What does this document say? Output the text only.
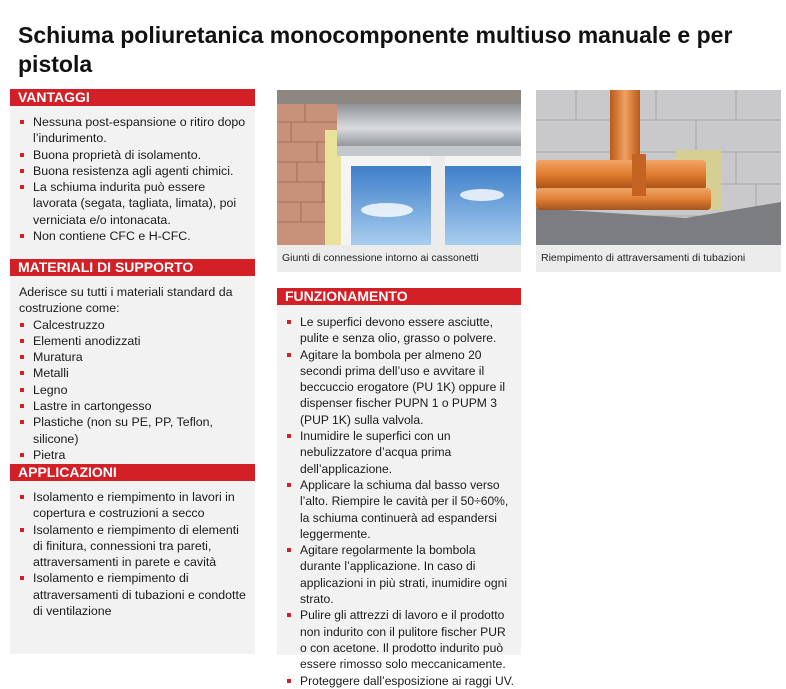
Schiuma poliuretanica monocomponente multiuso manuale e per pistola
VANTAGGI
Nessuna post-espansione o ritiro dopo l’indurimento.
Buona proprietà di isolamento.
Buona resistenza agli agenti chimici.
La schiuma indurita può essere lavorata (segata, tagliata, limata), poi verniciata e/o intonacata.
Non contiene CFC e H-CFC.
MATERIALI DI SUPPORTO
Aderisce su tutti i materiali standard da costruzione come:
Calcestruzzo
Elementi anodizzati
Muratura
Metalli
Legno
Lastre in cartongesso
Plastiche (non su PE, PP, Teflon, silicone)
Pietra
APPLICAZIONI
Isolamento e riempimento in lavori in copertura e costruzioni a secco
Isolamento e riempimento di elementi di finitura, connessioni tra pareti, attraversamenti in parete e cavità
Isolamento e riempimento di attraversamenti di tubazioni e condotte di ventilazione
Giunti di connessione intorno ai cassonetti
FUNZIONAMENTO
Le superfici devono essere asciutte, pulite e senza olio, grasso o polvere.
Agitare la bombola per almeno 20 secondi prima dell’uso e avvitare il beccuccio erogatore (PU 1K) oppure il dispenser fischer PUPN 1 o PUPM 3 (PUP 1K) sulla valvola.
Inumidire le superfici con un nebulizzatore d’acqua prima dell’applicazione.
Applicare la schiuma dal basso verso l’alto. Riempire le cavità per il 50÷60%, la schiuma continuerà ad espandersi leggermente.
Agitare regolarmente la bombola durante l’applicazione. In caso di applicazioni in più strati, inumidire ogni strato.
Pulire gli attrezzi di lavoro e il prodotto non indurito con il pulitore fischer PUR o con acetone. Il prodotto indurito può essere rimosso solo meccanicamente.
Proteggere dall’esposizione ai raggi UV.
Riempimento di attraversamenti di tubazioni
